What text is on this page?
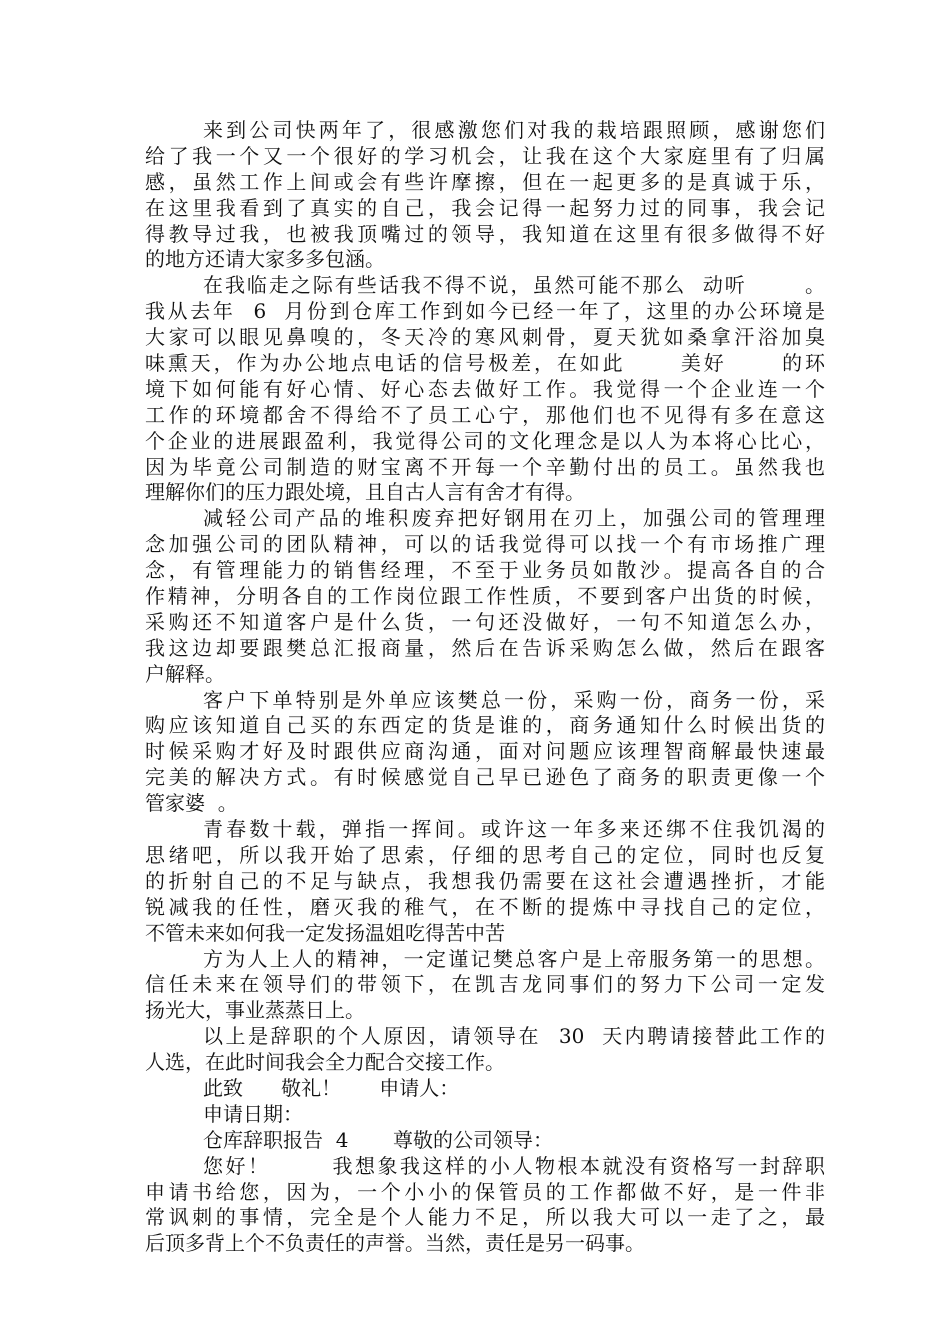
来到公司快两年了，很感激您们对我的栽培跟照顾，感谢您们
给了我一个又一个很好的学习机会，让我在这个大家庭里有了归属
感，虽然工作上间或会有些许摩擦，但在一起更多的是真诚于乐，
在这里我看到了真实的自己，我会记得一起努力过的同事，我会记
得教导过我，也被我顶嘴过的领导，我知道在这里有很多做得不好
的地方还请大家多多包涵。
在我临走之际有些话我不得不说，虽然可能不那么  动听       。
我从去年  6  月份到仓库工作到如今已经一年了，这里的办公环境是
大家可以眼见鼻嗅的，冬天冷的寒风刺骨，夏天犹如桑拿汗浴加臭
味熏天，作为办公地点电话的信号极差，在如此      美好      的环
境下如何能有好心情、好心态去做好工作。我觉得一个企业连一个
工作的环境都舍不得给不了员工心宁，那他们也不见得有多在意这
个企业的进展跟盈利，我觉得公司的文化理念是以人为本将心比心，
因为毕竟公司制造的财宝离不开每一个辛勤付出的员工。虽然我也
理解你们的压力跟处境，且自古人言有舍才有得。
减轻公司产品的堆积废弃把好钢用在刃上，加强公司的管理理
念加强公司的团队精神，可以的话我觉得可以找一个有市场推广理
念，有管理能力的销售经理，不至于业务员如散沙。提高各自的合
作精神，分明各自的工作岗位跟工作性质，不要到客户出货的时候，
采购还不知道客户是什么货，一句还没做好，一句不知道怎么办，
我这边却要跟樊总汇报商量，然后在告诉采购怎么做，然后在跟客
户解释。
客户下单特别是外单应该樊总一份，采购一份，商务一份，采
购应该知道自己买的东西定的货是谁的，商务通知什么时候出货的
时候采购才好及时跟供应商沟通，面对问题应该理智商解最快速最
完美的解决方式。有时候感觉自己早已逊色了商务的职责更像一个
管家婆  。
青春数十载，弹指一挥间。或许这一年多来还绑不住我饥渴的
思绪吧，所以我开始了思索，仔细的思考自己的定位，同时也反复
的折射自己的不足与缺点，我想我仍需要在这社会遭遇挫折，才能
锐减我的任性，磨灭我的稚气，在不断的提炼中寻找自己的定位，
不管未来如何我一定发扬温姐吃得苦中苦
方为人上人的精神，一定谨记樊总客户是上帝服务第一的思想。
信任未来在领导们的带领下，在凯吉龙同事们的努力下公司一定发
扬光大，事业蒸蒸日上。
以上是辞职的个人原因，请领导在  30  天内聘请接替此工作的
人选，在此时间我会全力配合交接工作。
此致      敬礼！      申请人：
申请日期：
仓库辞职报告  4       尊敬的公司领导：
您好！       我想象我这样的小人物根本就没有资格写一封辞职
申请书给您，因为，一个小小的保管员的工作都做不好，是一件非
常讽刺的事情，完全是个人能力不足，所以我大可以一走了之，最
后顶多背上个不负责任的声誉。当然，责任是另一码事。
